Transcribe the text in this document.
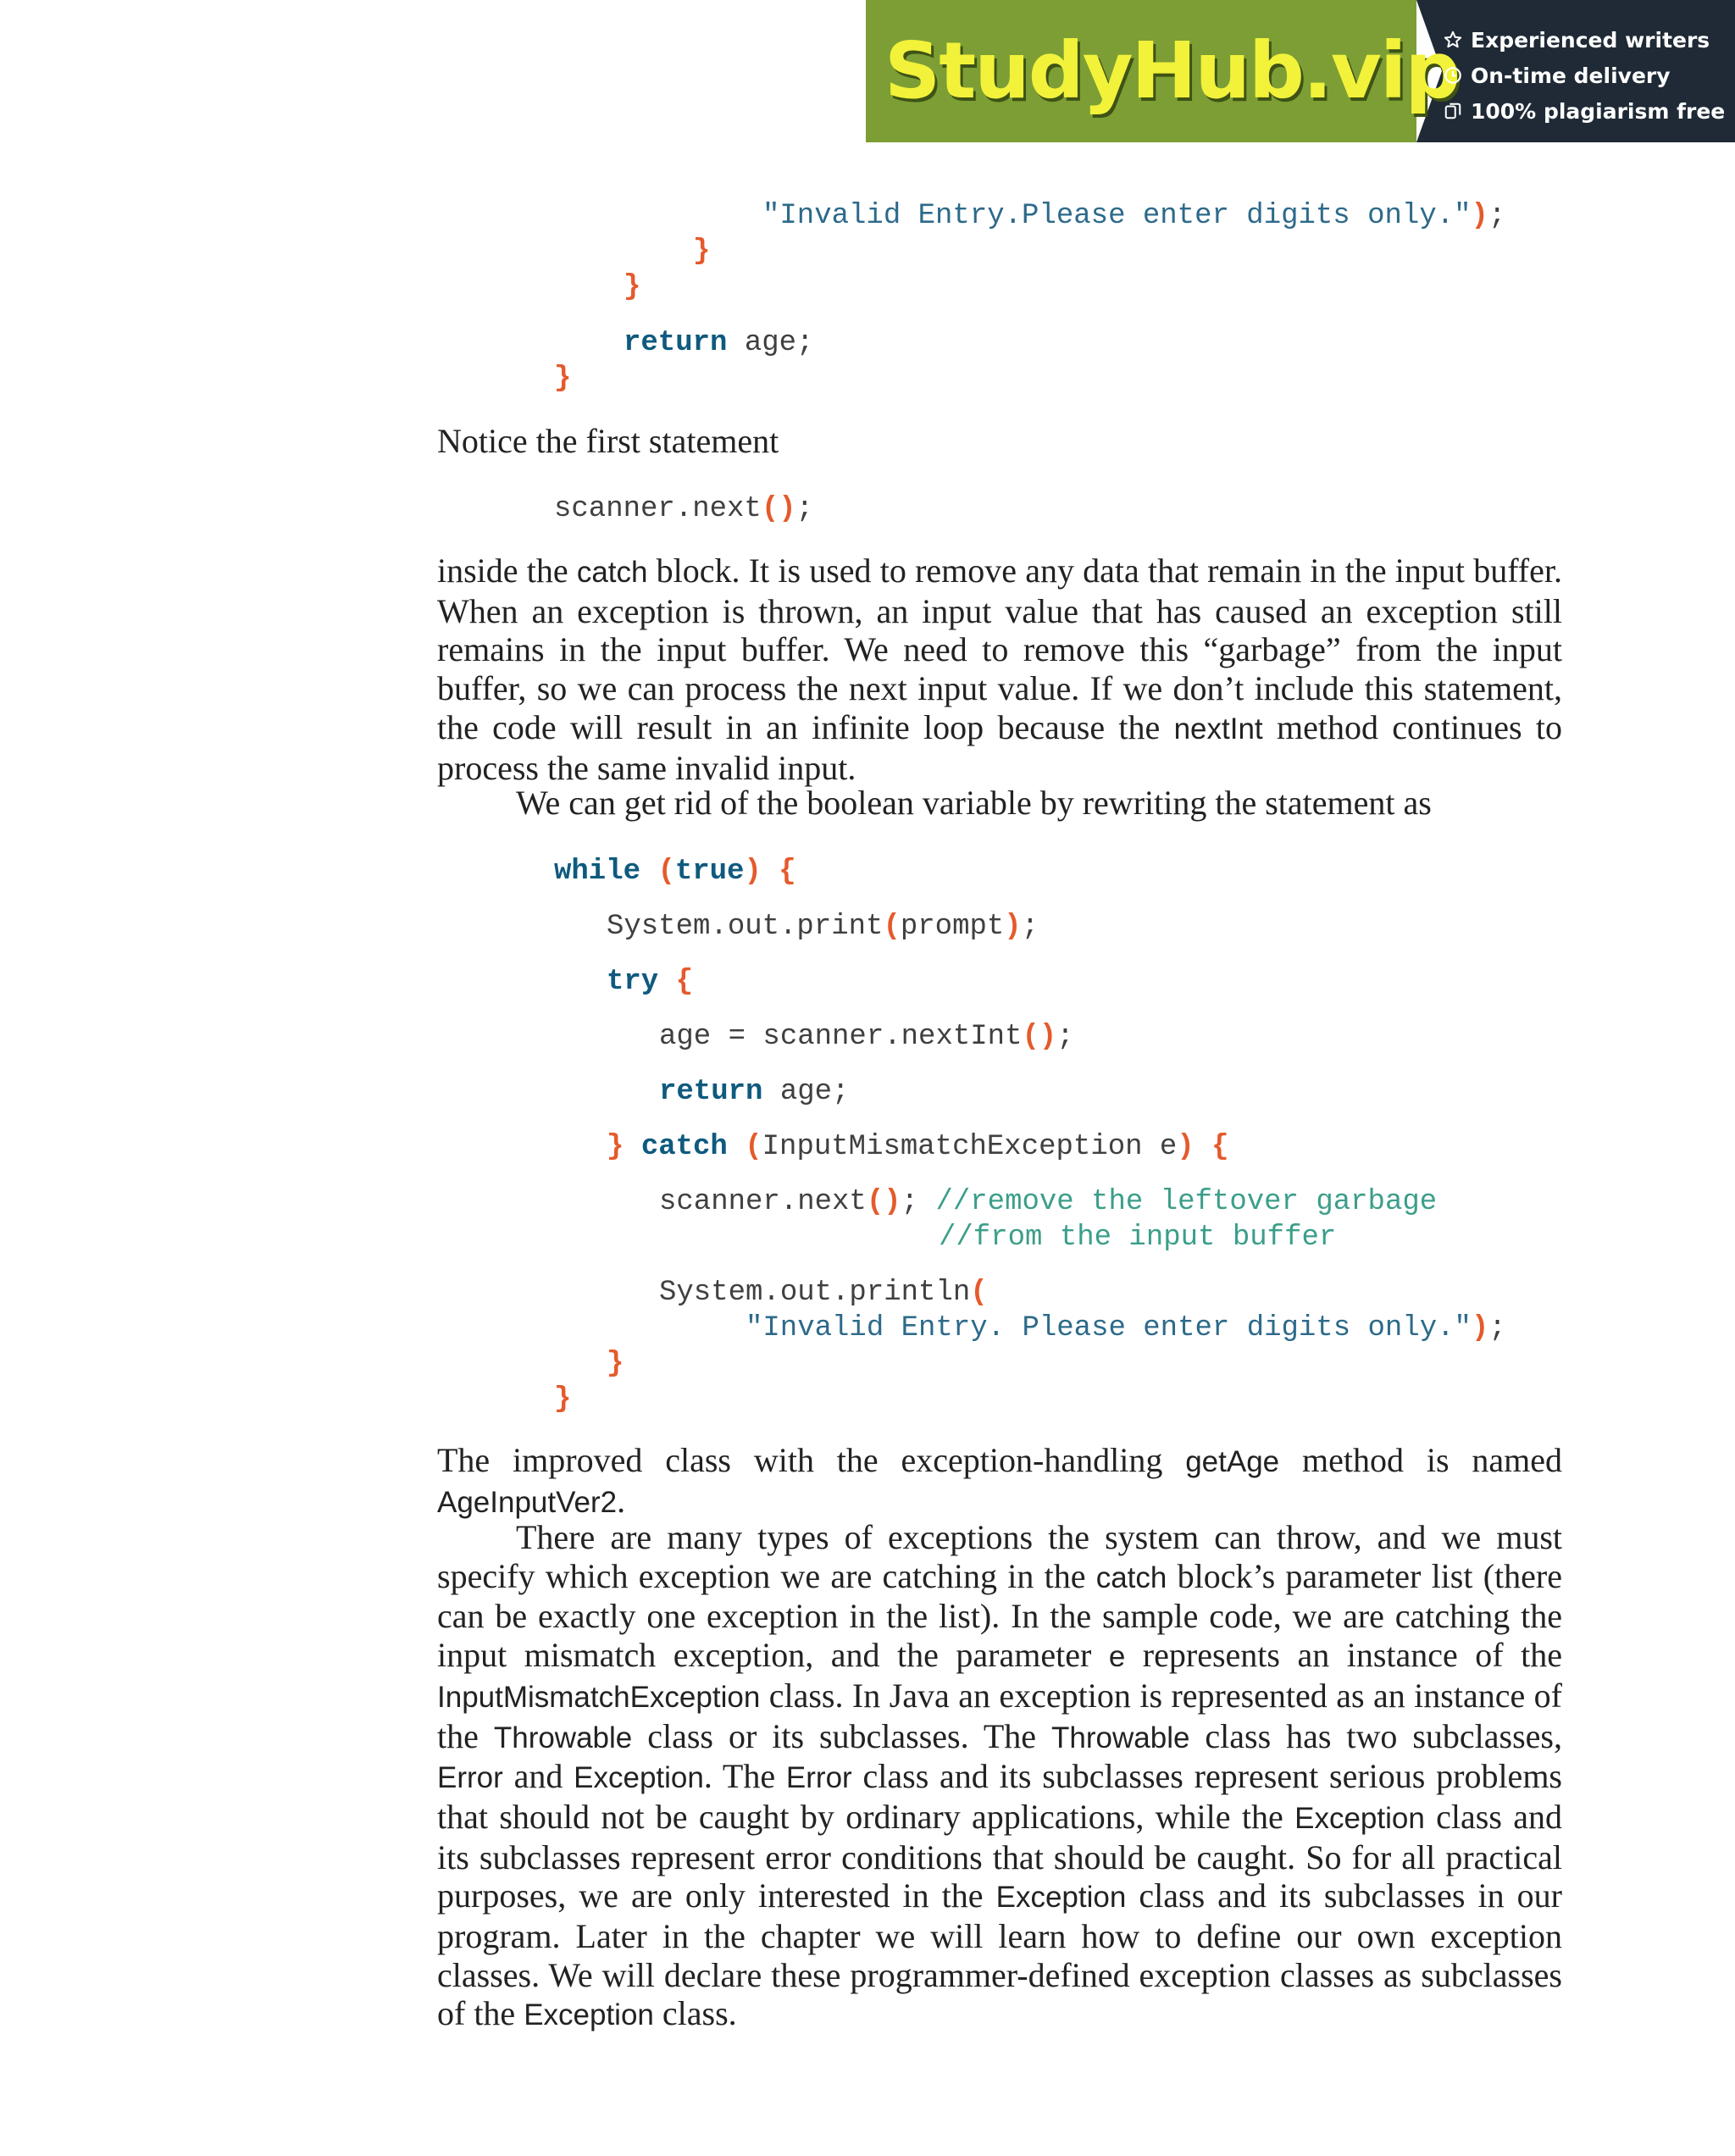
StudyHub.vip Experienced writers
On-time delivery
100% plagiarism free
"Invalid Entry.Please enter digits only.");
}
}
return age;
}

Notice the first statement

scanner.next();

inside the catch block. It is used to remove any data that remain in the input buffer. When an exception is thrown, an input value that has caused an exception still remains in the input buffer. We need to remove this “garbage” from the input buffer, so we can process the next input value. If we don’t include this statement, the code will result in an infinite loop because the nextInt method continues to process the same invalid input.

We can get rid of the boolean variable by rewriting the statement as

while (true) {
System.out.print(prompt);
try {
age = scanner.nextInt();
return age;
} catch (InputMismatchException e) {
scanner.next(); //remove the leftover garbage
//from the input buffer
System.out.println(
"Invalid Entry. Please enter digits only.");
}
}

The improved class with the exception-handling getAge method is named AgeInputVer2.

There are many types of exceptions the system can throw, and we must specify which exception we are catching in the catch block’s parameter list (there can be exactly one exception in the list). In the sample code, we are catching the input mismatch exception, and the parameter e represents an instance of the InputMismatchException class. In Java an exception is represented as an instance of the Throwable class or its subclasses. The Throwable class has two subclasses, Error and Exception. The Error class and its subclasses represent serious problems that should not be caught by ordinary applications, while the Exception class and its subclasses represent error conditions that should be caught. So for all practical purposes, we are only interested in the Exception class and its subclasses in our program. Later in the chapter we will learn how to define our own exception classes. We will declare these programmer-defined exception classes as subclasses of the Exception class.
